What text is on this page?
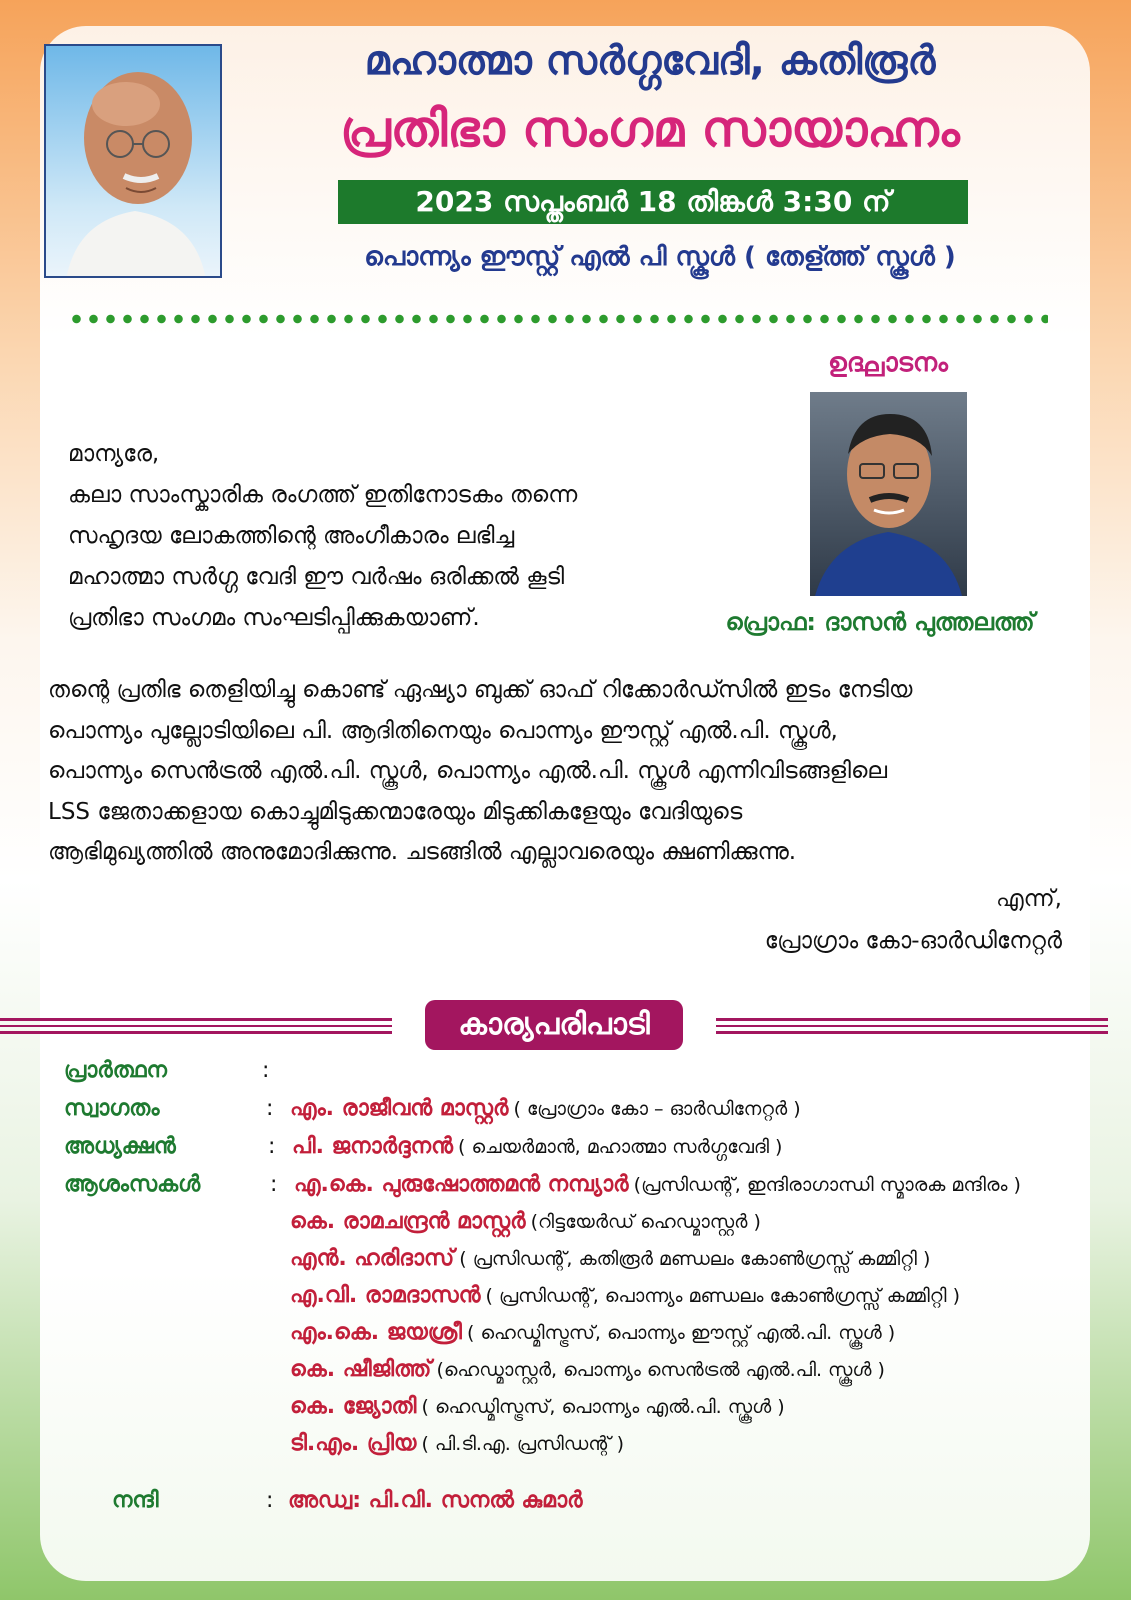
മഹാത്മാ സർഗ്ഗവേദി, കതിരൂർ
പ്രതിഭാ സംഗമ സായാഹ്നം
2023 സപ്തംബർ 18 തിങ്കൾ 3:30 ന്
പൊന്ന്യം ഈസ്റ്റ് എൽ പി സ്കൂൾ ( തേള്ത്ത് സ്കൂൾ )
ഉദ്ഘാടനം
പ്രൊഫ: ദാസൻ പുത്തലത്ത്
മാന്യരേ,
കലാ സാംസ്കാരിക രംഗത്ത് ഇതിനോടകം തന്നെ
സഹൃദയ ലോകത്തിന്റെ അംഗീകാരം ലഭിച്ച
മഹാത്മാ സർഗ്ഗ വേദി ഈ വർഷം ഒരിക്കൽ കൂടി
പ്രതിഭാ സംഗമം സംഘടിപ്പിക്കുകയാണ്.
തന്റെ പ്രതിഭ തെളിയിച്ചു കൊണ്ട് ഏഷ്യാ ബുക്ക് ഓഫ് റിക്കോർഡ്സിൽ ഇടം നേടിയ
പൊന്ന്യം പുല്ലോടിയിലെ പി. ആദിതിനെയും പൊന്ന്യം ഈസ്റ്റ് എൽ.പി. സ്കൂൾ,
പൊന്ന്യം സെൻട്രൽ എൽ.പി. സ്കൂൾ, പൊന്ന്യം എൽ.പി. സ്കൂൾ എന്നിവിടങ്ങളിലെ
LSS ജേതാക്കളായ കൊച്ചുമിടുക്കന്മാരേയും മിടുക്കികളേയും വേദിയുടെ
ആഭിമുഖ്യത്തിൽ അനുമോദിക്കുന്നു. ചടങ്ങിൽ എല്ലാവരെയും ക്ഷണിക്കുന്നു.
എന്ന്,
പ്രോഗ്രാം കോ-ഓർഡിനേറ്റർ
കാര്യപരിപാടി
പ്രാർത്ഥന	:
സ്വാഗതം	: എം. രാജീവൻ മാസ്റ്റർ ( പ്രോഗ്രാം കോ – ഓർഡിനേറ്റർ )
അധ്യക്ഷൻ	: പി. ജനാർദ്ദനൻ ( ചെയർമാൻ, മഹാത്മാ സർഗ്ഗവേദി )
ആശംസകൾ	: എ.കെ. പുരുഷോത്തമൻ നമ്പ്യാർ (പ്രസിഡന്റ്, ഇന്ദിരാഗാന്ധി സ്മാരക മന്ദിരം )
കെ. രാമചന്ദ്രൻ മാസ്റ്റർ (റിട്ടയേർഡ് ഹെഡ്മാസ്റ്റർ )
എൻ. ഹരിദാസ് ( പ്രസിഡന്റ്, കതിരൂർ മണ്ഡലം കോൺഗ്രസ്സ് കമ്മിറ്റി )
എ.വി. രാമദാസൻ ( പ്രസിഡന്റ്, പൊന്ന്യം മണ്ഡലം കോൺഗ്രസ്സ് കമ്മിറ്റി )
എം.കെ. ജയശ്രീ ( ഹെഡ്മിസ്ട്രസ്, പൊന്ന്യം ഈസ്റ്റ് എൽ.പി. സ്കൂൾ )
കെ. ഷീജിത്ത് (ഹെഡ്മാസ്റ്റർ, പൊന്ന്യം സെൻട്രൽ എൽ.പി. സ്കൂൾ )
കെ. ജ്യോതി ( ഹെഡ്മിസ്ട്രസ്, പൊന്ന്യം എൽ.പി. സ്കൂൾ )
ടി.എം. പ്രിയ ( പി.ടി.എ. പ്രസിഡന്റ് )
നന്ദി	: അഡ്വ: പി.വി. സനൽ കുമാർ
